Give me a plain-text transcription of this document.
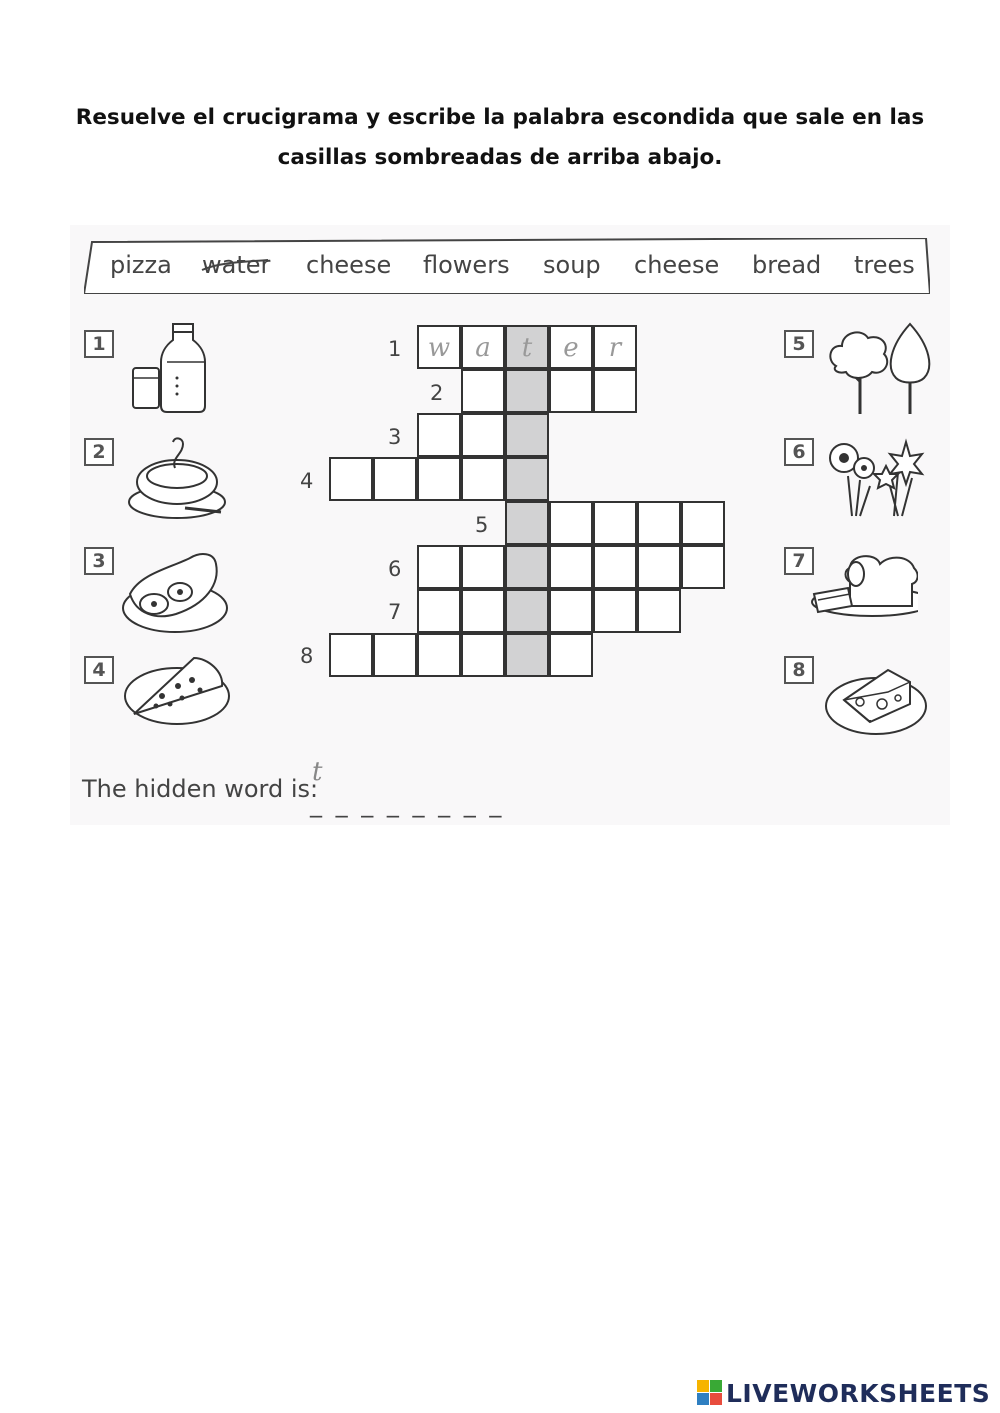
Resuelve el crucigrama y escribe la palabra escondida que sale en las casillas sombreadas de arriba abajo.
pizza water cheese flowers soup cheese bread trees
1
2
3
4
5
6
7
8
1	w a	t	e	r
2
3
4
5
6
7
8
The hidden word is:
t
_ _ _ _ _ _ _ _
LIVEWORKSHEETS
